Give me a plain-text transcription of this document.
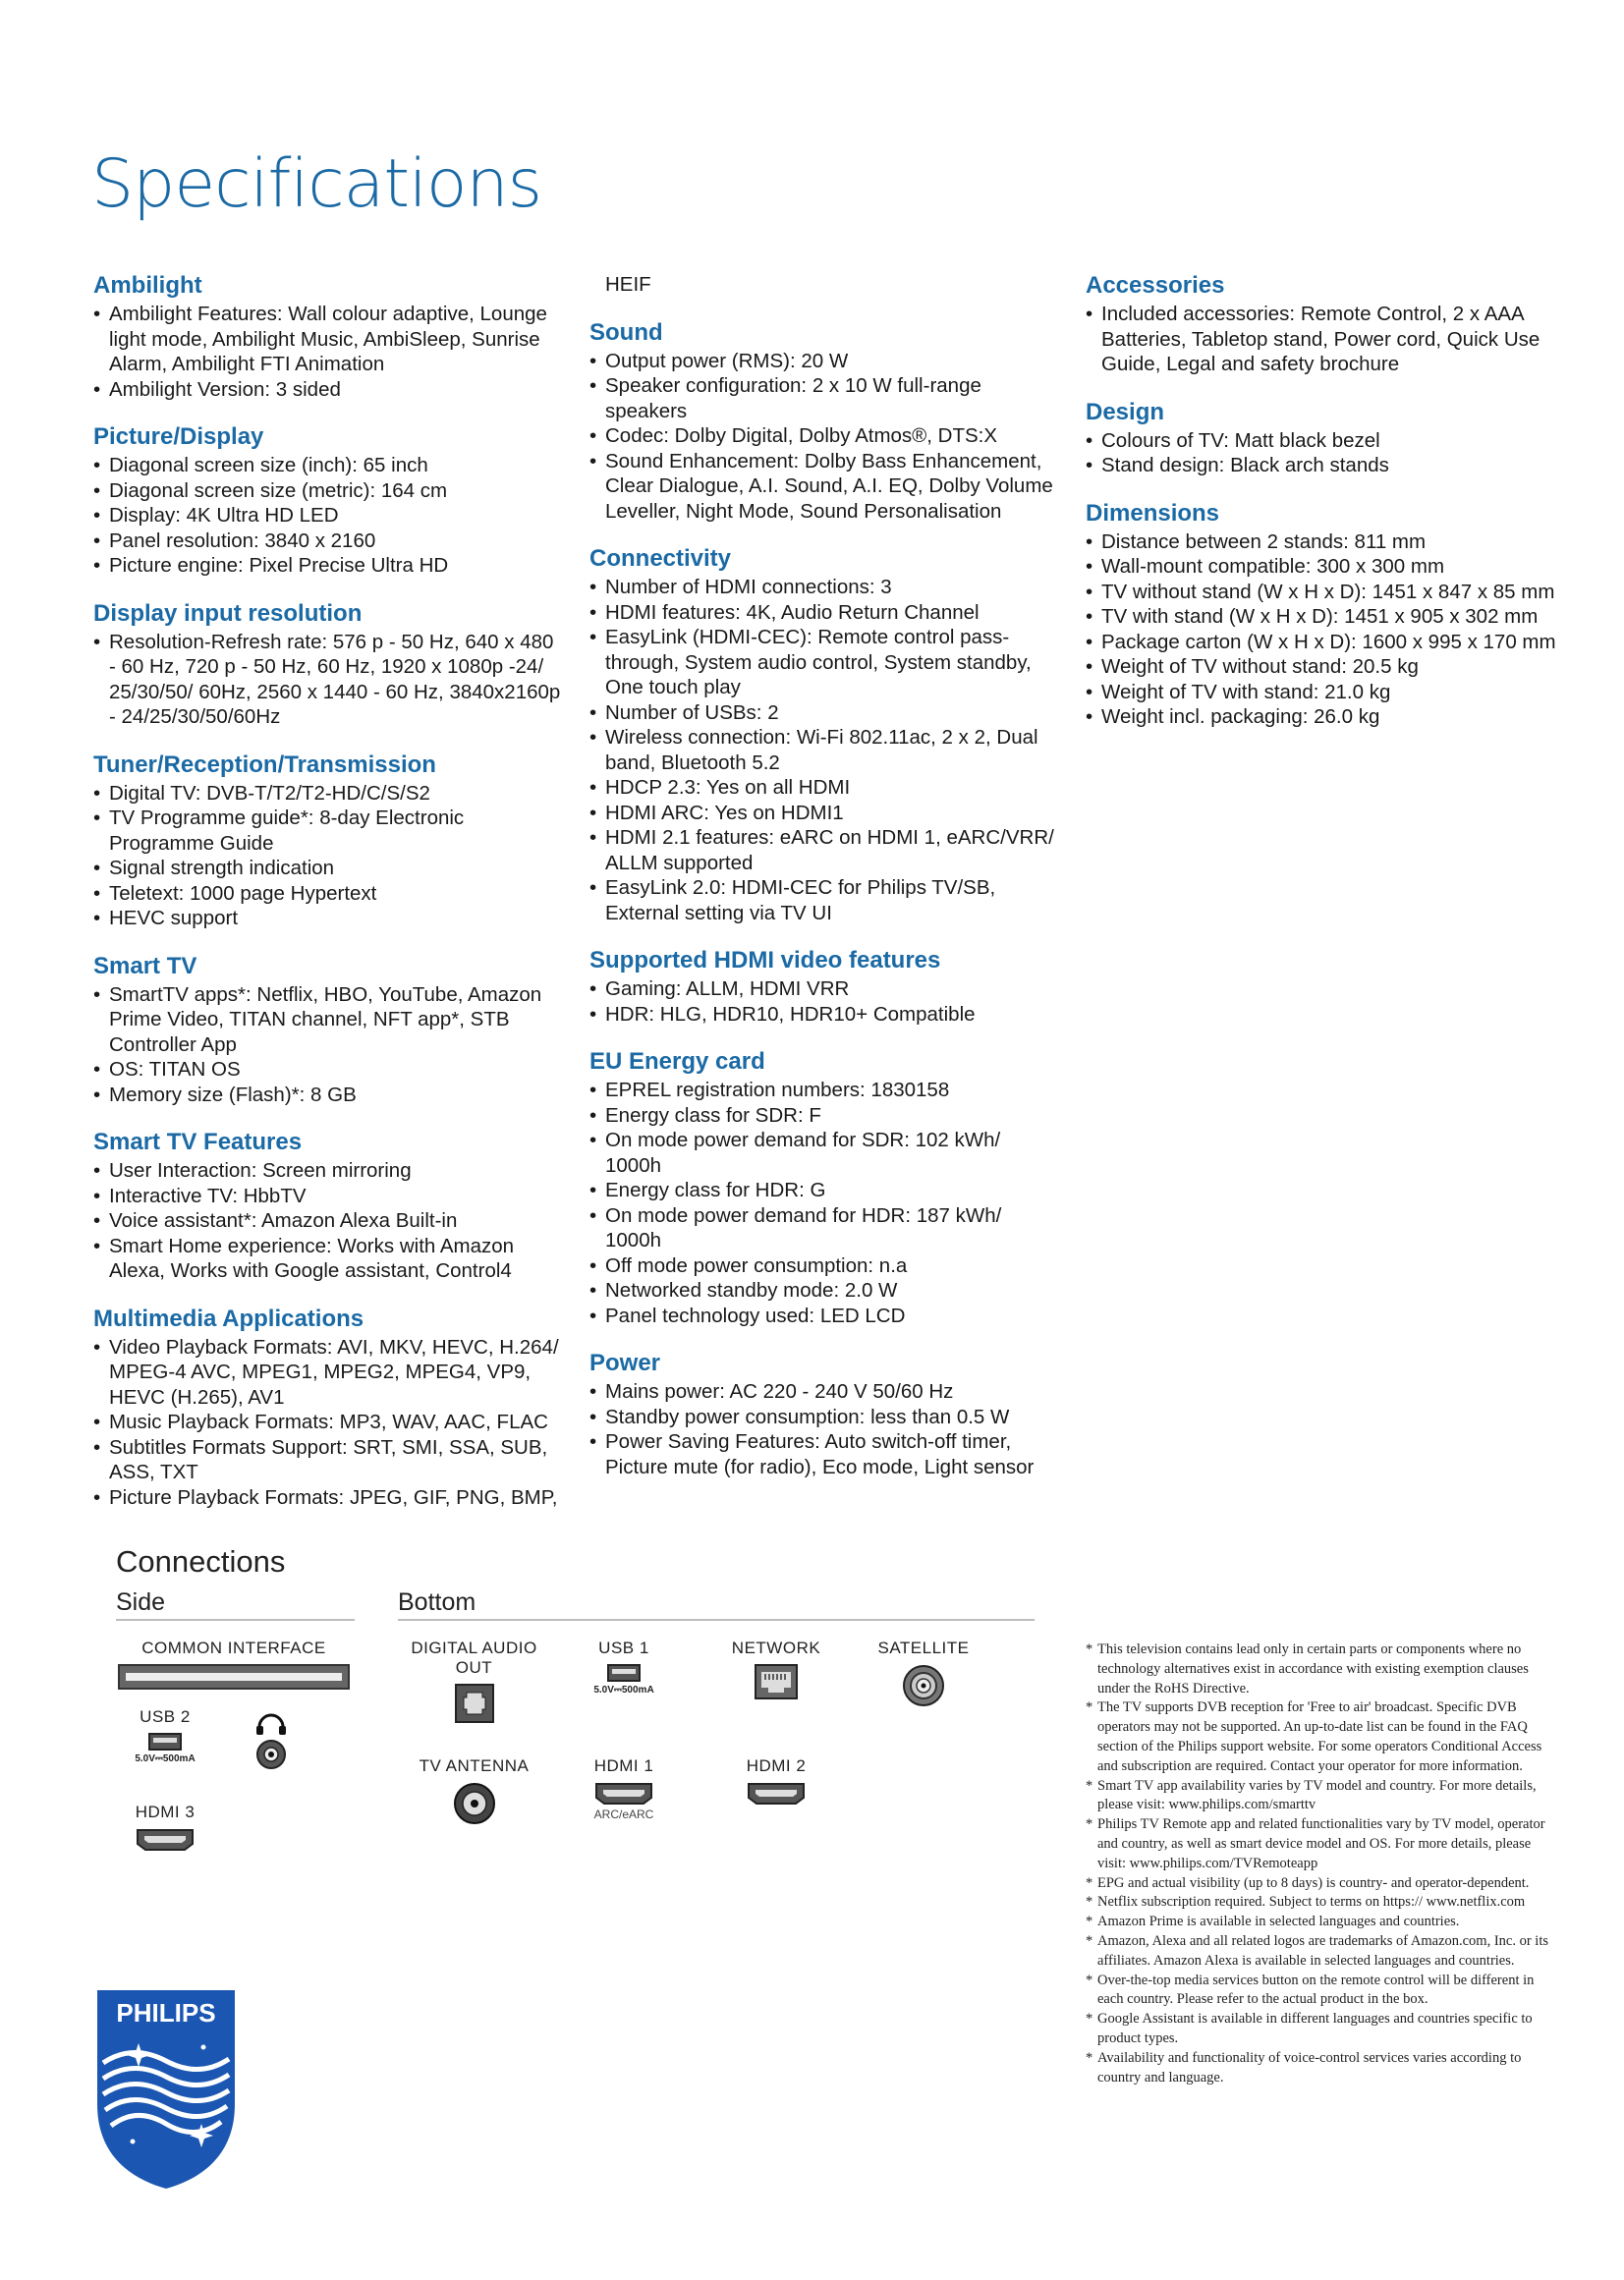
Specifications
Ambilight
• Ambilight Features: Wall colour adaptive, Lounge light mode, Ambilight Music, AmbiSleep, Sunrise Alarm, Ambilight FTI Animation
• Ambilight Version: 3 sided
Picture/Display
• Diagonal screen size (inch): 65 inch
• Diagonal screen size (metric): 164 cm
• Display: 4K Ultra HD LED
• Panel resolution: 3840 x 2160
• Picture engine: Pixel Precise Ultra HD
Display input resolution
• Resolution-Refresh rate: 576 p - 50 Hz, 640 x 480 - 60 Hz, 720 p - 50 Hz, 60 Hz, 1920 x 1080p -24/ 25/30/50/ 60Hz, 2560 x 1440 - 60 Hz, 3840x2160p - 24/25/30/50/60Hz
Tuner/Reception/Transmission
• Digital TV: DVB-T/T2/T2-HD/C/S/S2
• TV Programme guide*: 8-day Electronic Programme Guide
• Signal strength indication
• Teletext: 1000 page Hypertext
• HEVC support
Smart TV
• SmartTV apps*: Netflix, HBO, YouTube, Amazon Prime Video, TITAN channel, NFT app*, STB Controller App
• OS: TITAN OS
• Memory size (Flash)*: 8 GB
Smart TV Features
• User Interaction: Screen mirroring
• Interactive TV: HbbTV
• Voice assistant*: Amazon Alexa Built-in
• Smart Home experience: Works with Amazon Alexa, Works with Google assistant, Control4
Multimedia Applications
• Video Playback Formats: AVI, MKV, HEVC, H.264/ MPEG-4 AVC, MPEG1, MPEG2, MPEG4, VP9, HEVC (H.265), AV1
• Music Playback Formats: MP3, WAV, AAC, FLAC
• Subtitles Formats Support: SRT, SMI, SSA, SUB, ASS, TXT
• Picture Playback Formats: JPEG, GIF, PNG, BMP,
HEIF
Sound
• Output power (RMS): 20 W
• Speaker configuration: 2 x 10 W full-range speakers
• Codec: Dolby Digital, Dolby Atmos®, DTS:X
• Sound Enhancement: Dolby Bass Enhancement, Clear Dialogue, A.I. Sound, A.I. EQ, Dolby Volume Leveller, Night Mode, Sound Personalisation
Connectivity
• Number of HDMI connections: 3
• HDMI features: 4K, Audio Return Channel
• EasyLink (HDMI-CEC): Remote control pass-through, System audio control, System standby, One touch play
• Number of USBs: 2
• Wireless connection: Wi-Fi 802.11ac, 2 x 2, Dual band, Bluetooth 5.2
• HDCP 2.3: Yes on all HDMI
• HDMI ARC: Yes on HDMI1
• HDMI 2.1 features: eARC on HDMI 1, eARC/VRR/ ALLM supported
• EasyLink 2.0: HDMI-CEC for Philips TV/SB, External setting via TV UI
Supported HDMI video features
• Gaming: ALLM, HDMI VRR
• HDR: HLG, HDR10, HDR10+ Compatible
EU Energy card
• EPREL registration numbers: 1830158
• Energy class for SDR: F
• On mode power demand for SDR: 102 kWh/ 1000h
• Energy class for HDR: G
• On mode power demand for HDR: 187 kWh/ 1000h
• Off mode power consumption: n.a
• Networked standby mode: 2.0 W
• Panel technology used: LED LCD
Power
• Mains power: AC 220 - 240 V 50/60 Hz
• Standby power consumption: less than 0.5 W
• Power Saving Features: Auto switch-off timer, Picture mute (for radio), Eco mode, Light sensor
Accessories
• Included accessories: Remote Control, 2 x AAA Batteries, Tabletop stand, Power cord, Quick Use Guide, Legal and safety brochure
Design
• Colours of TV: Matt black bezel
• Stand design: Black arch stands
Dimensions
• Distance between 2 stands: 811 mm
• Wall-mount compatible: 300 x 300 mm
• TV without stand (W x H x D): 1451 x 847 x 85 mm
• TV with stand (W x H x D): 1451 x 905 x 302 mm
• Package carton (W x H x D): 1600 x 995 x 170 mm
• Weight of TV without stand: 20.5 kg
• Weight of TV with stand: 21.0 kg
• Weight incl. packaging: 26.0 kg
Connections
Side	Bottom
COMMON INTERFACE
USB 2
5.0V⎓500mA
HDMI 3
DIGITAL AUDIO OUT
USB 1
5.0V⎓500mA
NETWORK	SATELLITE
TV ANTENNA	HDMI 1
ARC/eARC
HDMI 2
* This television contains lead only in certain parts or components where no technology alternatives exist in accordance with existing exemption clauses under the RoHS Directive.
* The TV supports DVB reception for 'Free to air' broadcast. Specific DVB operators may not be supported. An up-to-date list can be found in the FAQ section of the Philips support website. For some operators Conditional Access and subscription are required. Contact your operator for more information.
* Smart TV app availability varies by TV model and country. For more details, please visit: www.philips.com/smarttv
* Philips TV Remote app and related functionalities vary by TV model, operator and country, as well as smart device model and OS. For more details, please visit: www.philips.com/TVRemoteapp
* EPG and actual visibility (up to 8 days) is country- and operator-dependent.
* Netflix subscription required. Subject to terms on https:// www.netflix.com
* Amazon Prime is available in selected languages and countries.
* Amazon, Alexa and all related logos are trademarks of Amazon.com, Inc. or its affiliates. Amazon Alexa is available in selected languages and countries.
* Over-the-top media services button on the remote control will be different in each country. Please refer to the actual product in the box.
* Google Assistant is available in different languages and countries specific to product types.
* Availability and functionality of voice-control services varies according to country and language.
PHILIPS
